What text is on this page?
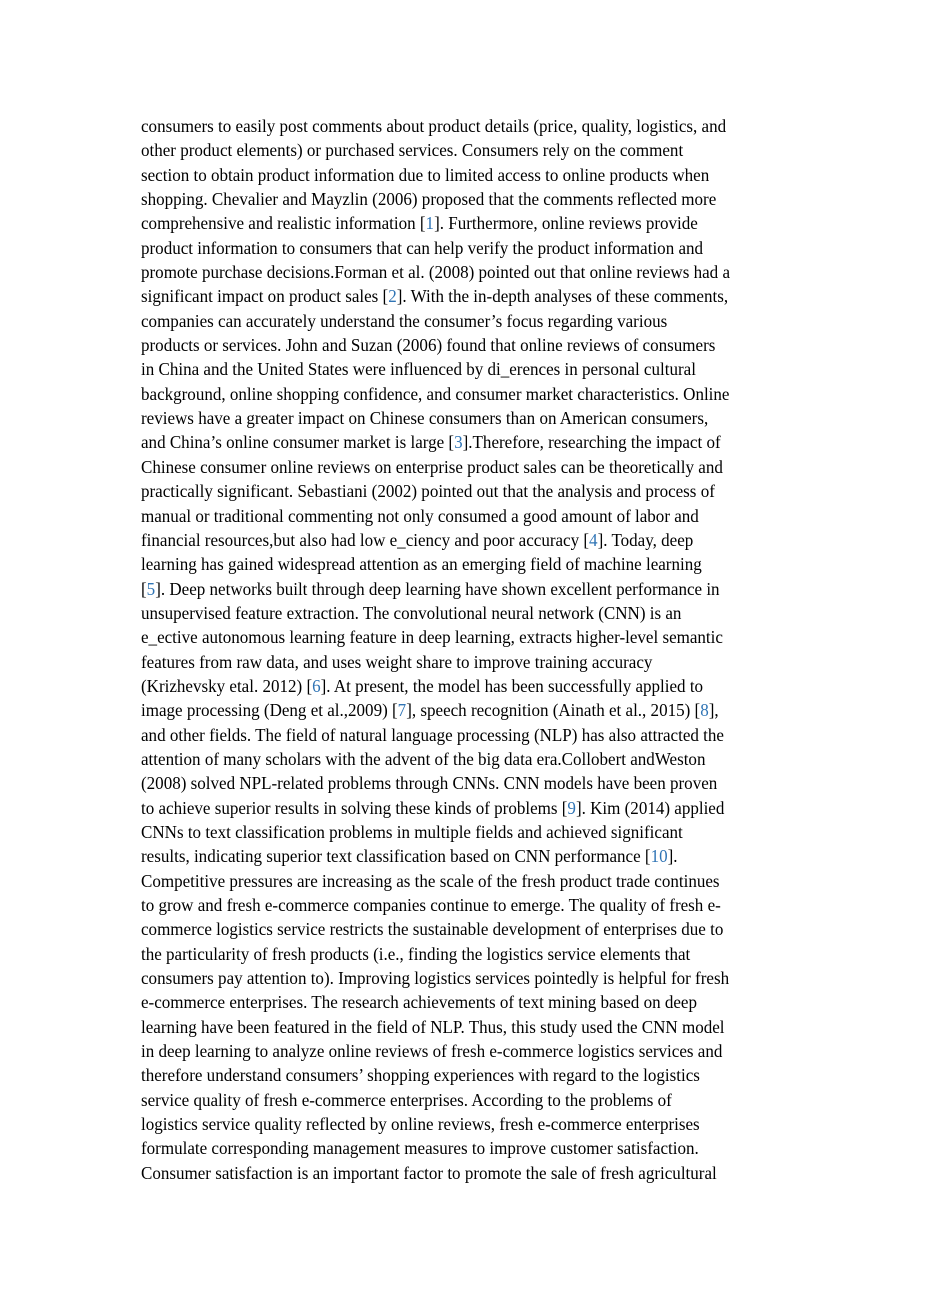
consumers to easily post comments about product details (price, quality, logistics, and
other product elements) or purchased services. Consumers rely on the comment
section to obtain product information due to limited access to online products when
shopping. Chevalier and Mayzlin (2006) proposed that the comments reflected more
comprehensive and realistic information [1]. Furthermore, online reviews provide
product information to consumers that can help verify the product information and
promote purchase decisions.Forman et al. (2008) pointed out that online reviews had a
significant impact on product sales [2]. With the in-depth analyses of these comments,
companies can accurately understand the consumer’s focus regarding various
products or services. John and Suzan (2006) found that online reviews of consumers
in China and the United States were influenced by di_erences in personal cultural
background, online shopping confidence, and consumer market characteristics. Online
reviews have a greater impact on Chinese consumers than on American consumers,
and China’s online consumer market is large [3].Therefore, researching the impact of
Chinese consumer online reviews on enterprise product sales can be theoretically and
practically significant. Sebastiani (2002) pointed out that the analysis and process of
manual or traditional commenting not only consumed a good amount of labor and
financial resources,but also had low e_ciency and poor accuracy [4]. Today, deep
learning has gained widespread attention as an emerging field of machine learning
[5]. Deep networks built through deep learning have shown excellent performance in
unsupervised feature extraction. The convolutional neural network (CNN) is an
e_ective autonomous learning feature in deep learning, extracts higher-level semantic
features from raw data, and uses weight share to improve training accuracy
(Krizhevsky etal. 2012) [6]. At present, the model has been successfully applied to
image processing (Deng et al.,2009) [7], speech recognition (Ainath et al., 2015) [8],
and other fields. The field of natural language processing (NLP) has also attracted the
attention of many scholars with the advent of the big data era.Collobert andWeston
(2008) solved NPL-related problems through CNNs. CNN models have been proven
to achieve superior results in solving these kinds of problems [9]. Kim (2014) applied
CNNs to text classification problems in multiple fields and achieved significant
results, indicating superior text classification based on CNN performance [10].
Competitive pressures are increasing as the scale of the fresh product trade continues
to grow and fresh e-commerce companies continue to emerge. The quality of fresh e-
commerce logistics service restricts the sustainable development of enterprises due to
the particularity of fresh products (i.e., finding the logistics service elements that
consumers pay attention to). Improving logistics services pointedly is helpful for fresh
e-commerce enterprises. The research achievements of text mining based on deep
learning have been featured in the field of NLP. Thus, this study used the CNN model
in deep learning to analyze online reviews of fresh e-commerce logistics services and
therefore understand consumers’ shopping experiences with regard to the logistics
service quality of fresh e-commerce enterprises. According to the problems of
logistics service quality reflected by online reviews, fresh e-commerce enterprises
formulate corresponding management measures to improve customer satisfaction.
Consumer satisfaction is an important factor to promote the sale of fresh agricultural
